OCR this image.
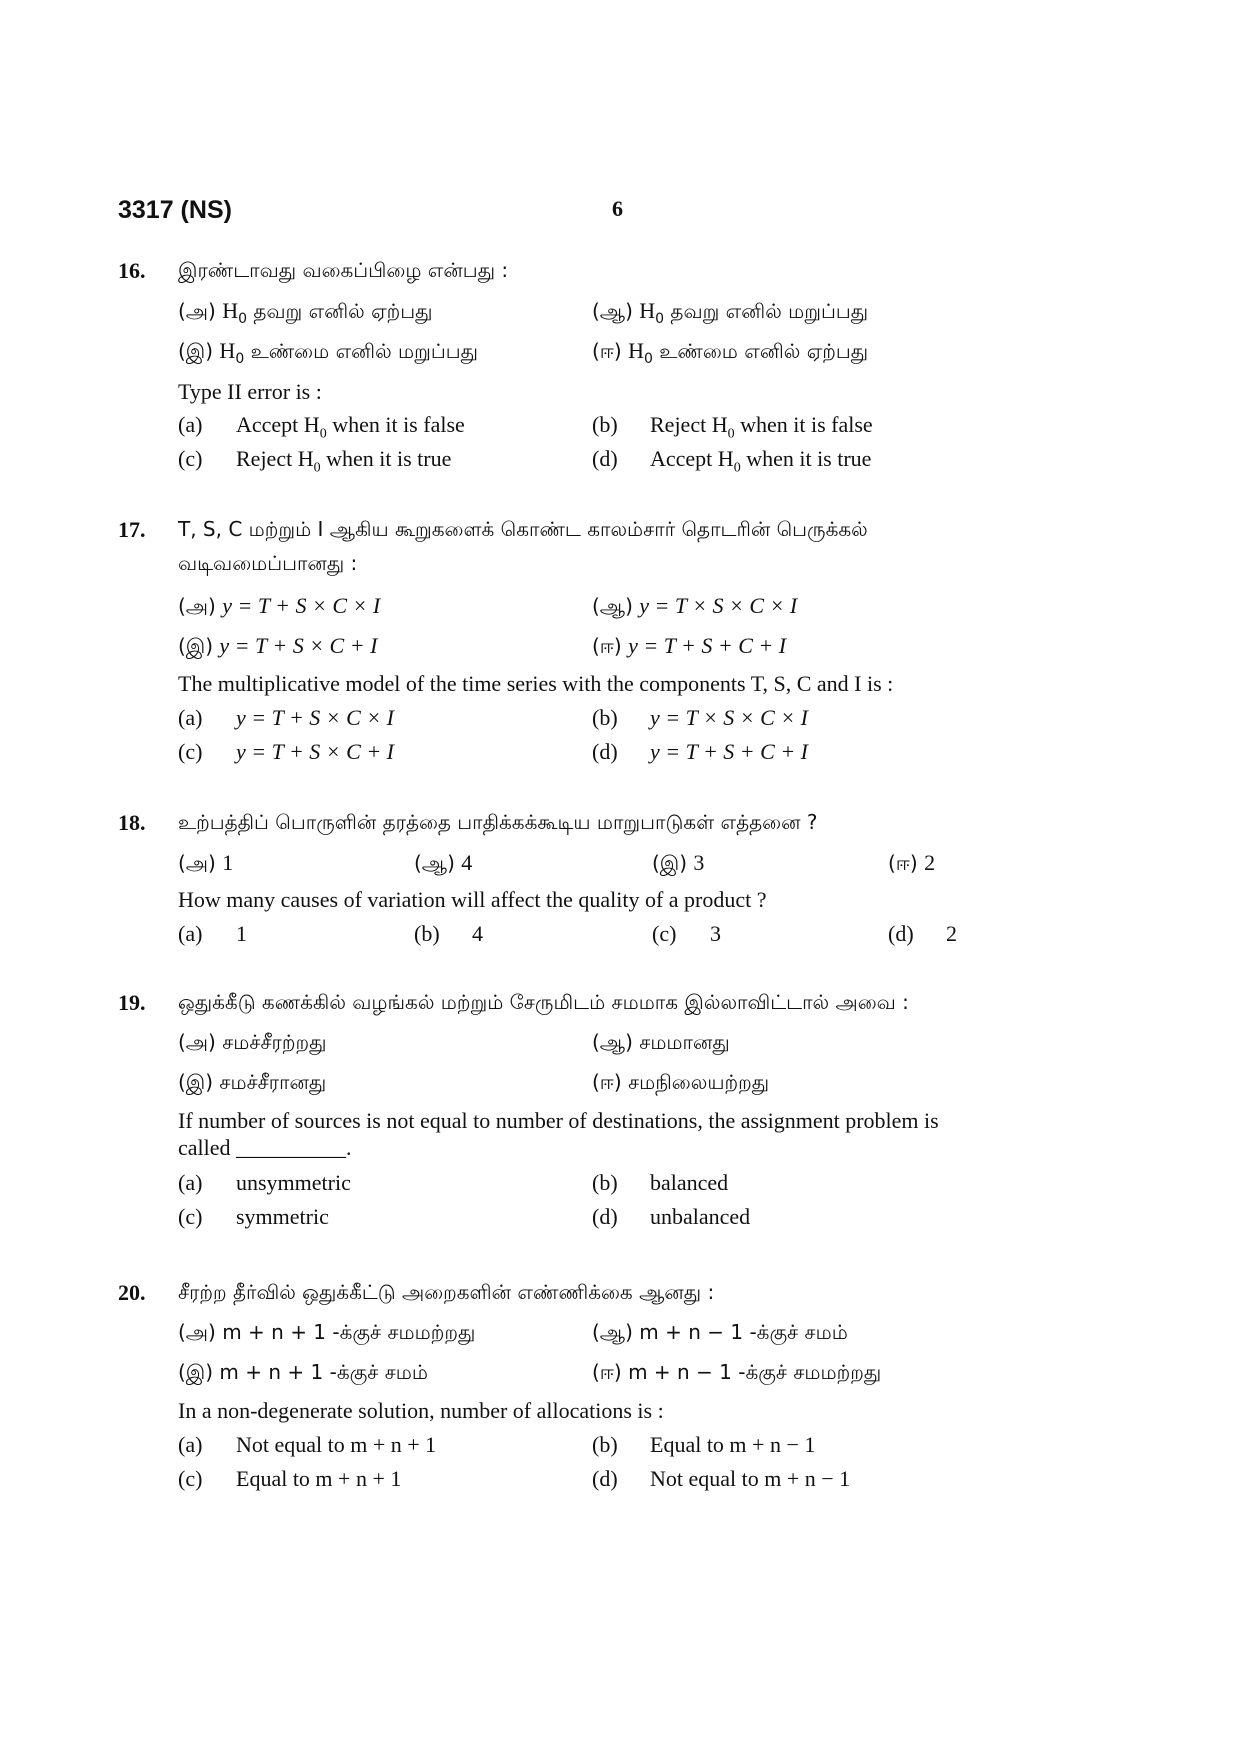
3317 (NS)	6
16. இரண்டாவது வகைப்பிழை என்பது :
(அ) $H_0$ தவறு எனில் ஏற்பது	(ஆ) $H_0$ தவறு எனில் மறுப்பது
(இ) $H_0$ உண்மை எனில் மறுப்பது	(ஈ) $H_0$ உண்மை எனில் ஏற்பது
Type II error is :
(a) Accept $H_0$ when it is false	(b) Reject $H_0$ when it is false
(c) Reject $H_0$ when it is true	(d) Accept $H_0$ when it is true
17. T, S, C மற்றும் I ஆகிய கூறுகளைக் கொண்ட காலம்சார் தொடரின் பெருக்கல்
வடிவமைப்பானது :
(அ) y = T + S × C × I	(ஆ) y = T × S × C × I
(இ) y = T + S × C + I	(ஈ) y = T + S + C + I
The multiplicative model of the time series with the components T, S, C and I is :
(a) y = T + S × C × I	(b) y = T × S × C × I
(c) y = T + S × C + I	(d) y = T + S + C + I
18. உற்பத்திப் பொருளின் தரத்தை பாதிக்கக்கூடிய மாறுபாடுகள் எத்தனை ?
(அ) 1	(ஆ) 4	(இ) 3	(ஈ) 2
How many causes of variation will affect the quality of a product ?
(a) 1	(b) 4	(c) 3	(d) 2
19. ஒதுக்கீடு கணக்கில் வழங்கல் மற்றும் சேருமிடம் சமமாக இல்லாவிட்டால் அவை :
(அ) சமச்சீரற்றது	(ஆ) சமமானது
(இ) சமச்சீரானது	(ஈ) சமநிலையற்றது
If number of sources is not equal to number of destinations, the assignment problem is
called __________.
(a) unsymmetric	(b) balanced
(c) symmetric	(d) unbalanced
20. சீரற்ற தீர்வில் ஒதுக்கீட்டு அறைகளின் எண்ணிக்கை ஆனது :
(அ) m + n + 1 -க்குச் சமமற்றது	(ஆ) m + n − 1 -க்குச் சமம்
(இ) m + n + 1 -க்குச் சமம்	(ஈ) m + n − 1 -க்குச் சமமற்றது
In a non-degenerate solution, number of allocations is :
(a) Not equal to m + n + 1	(b) Equal to m + n − 1
(c) Equal to m + n + 1	(d) Not equal to m + n − 1
